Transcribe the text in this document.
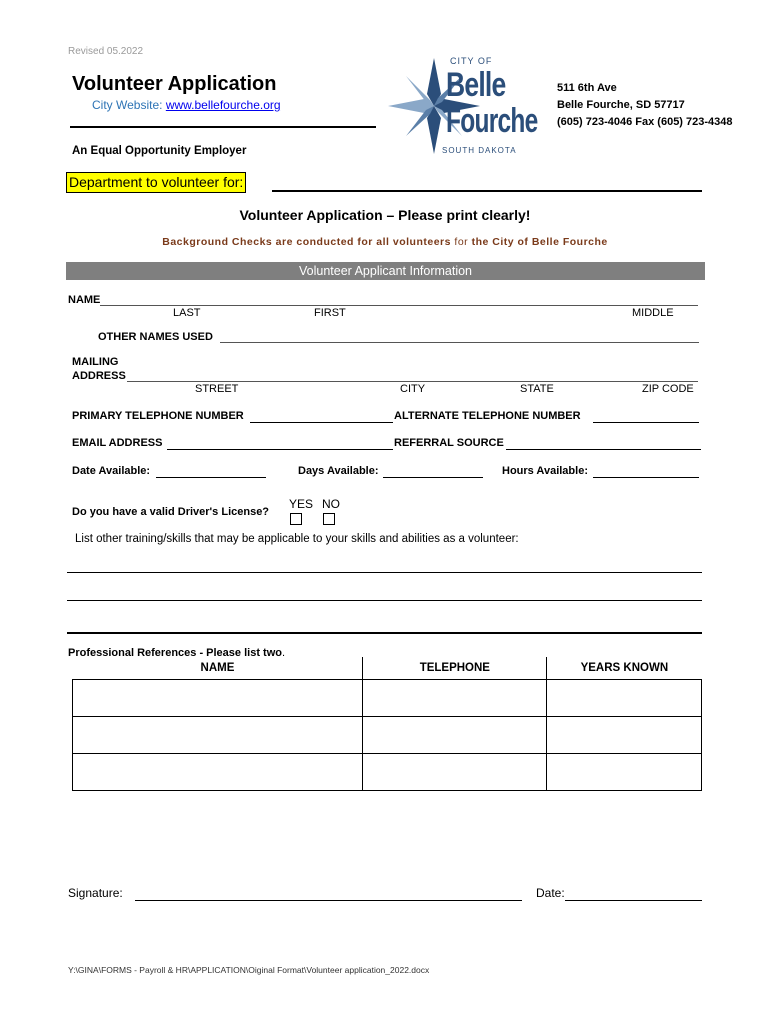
Revised 05.2022
Volunteer Application
City Website: www.bellefourche.org
An Equal Opportunity Employer
CITY OF
Belle
Fourche
SOUTH DAKOTA
511 6th Ave
Belle Fourche, SD 57717
(605) 723-4046 Fax (605) 723-4348
Department to volunteer for:
Volunteer Application – Please print clearly!
Background Checks are conducted for all volunteers for the City of Belle Fourche
Volunteer Applicant Information
NAME
LAST	FIRST	MIDDLE
OTHER NAMES USED
MAILING
ADDRESS
STREET	CITY	STATE	ZIP CODE
PRIMARY TELEPHONE NUMBER	ALTERNATE TELEPHONE NUMBER
EMAIL ADDRESS	REFERRAL SOURCE
Date Available:	Days Available:	Hours Available:
Do you have a valid Driver's License?
YES NO
List other training/skills that may be applicable to your skills and abilities as a volunteer:
Professional References - Please list two.
NAME	TELEPHONE	YEARS KNOWN

Signature:	Date:
Y:\GINA\FORMS - Payroll & HR\APPLICATION\Oiginal Format\Volunteer application_2022.docx
